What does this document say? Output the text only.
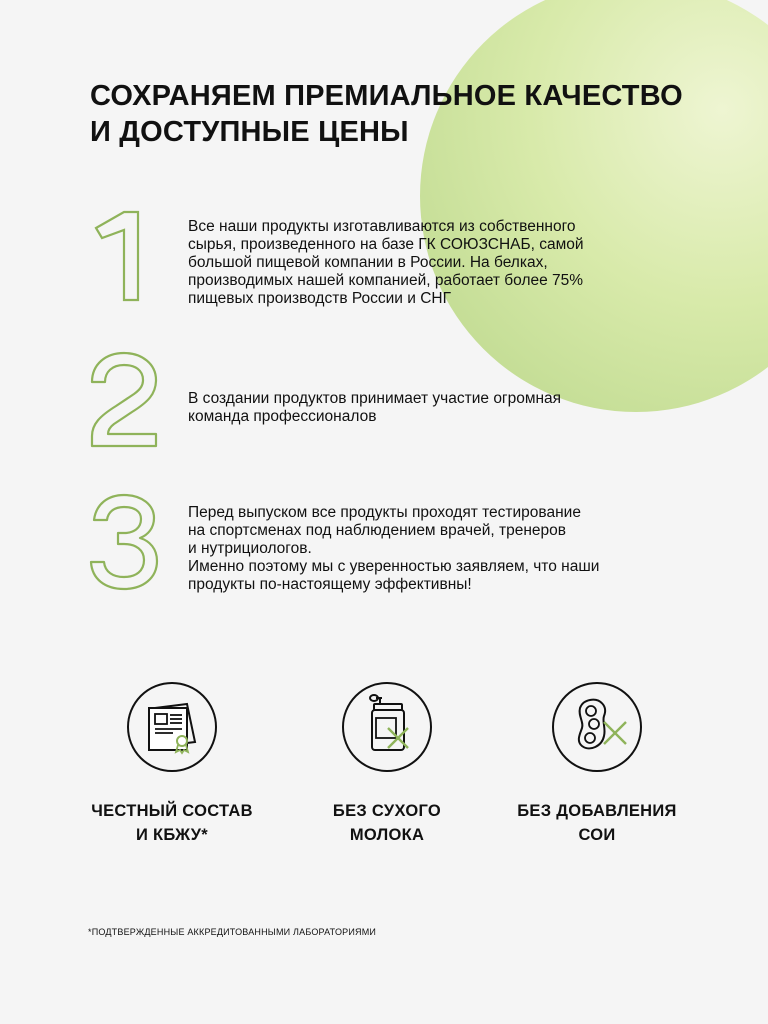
СОХРАНЯЕМ ПРЕМИАЛЬНОЕ КАЧЕСТВО
И ДОСТУПНЫЕ ЦЕНЫ
Все наши продукты изготавливаются из собственного
сырья, произведенного на базе ГК СОЮЗСНАБ, самой
большой пищевой компании в России. На белках,
производимых нашей компанией, работает более 75%
пищевых производств России и СНГ
В создании продуктов принимает участие огромная
команда профессионалов
Перед выпуском все продукты проходят тестирование
на спортсменах под наблюдением врачей, тренеров
и нутрициологов.
Именно поэтому мы с уверенностью заявляем, что наши
продукты по-настоящему эффективны!
ЧЕСТНЫЙ СОСТАВ
И КБЖУ*
БЕЗ СУХОГО
МОЛОКА
БЕЗ ДОБАВЛЕНИЯ
СОИ
*ПОДТВЕРЖДЕННЫЕ АККРЕДИТОВАННЫМИ ЛАБОРАТОРИЯМИ
